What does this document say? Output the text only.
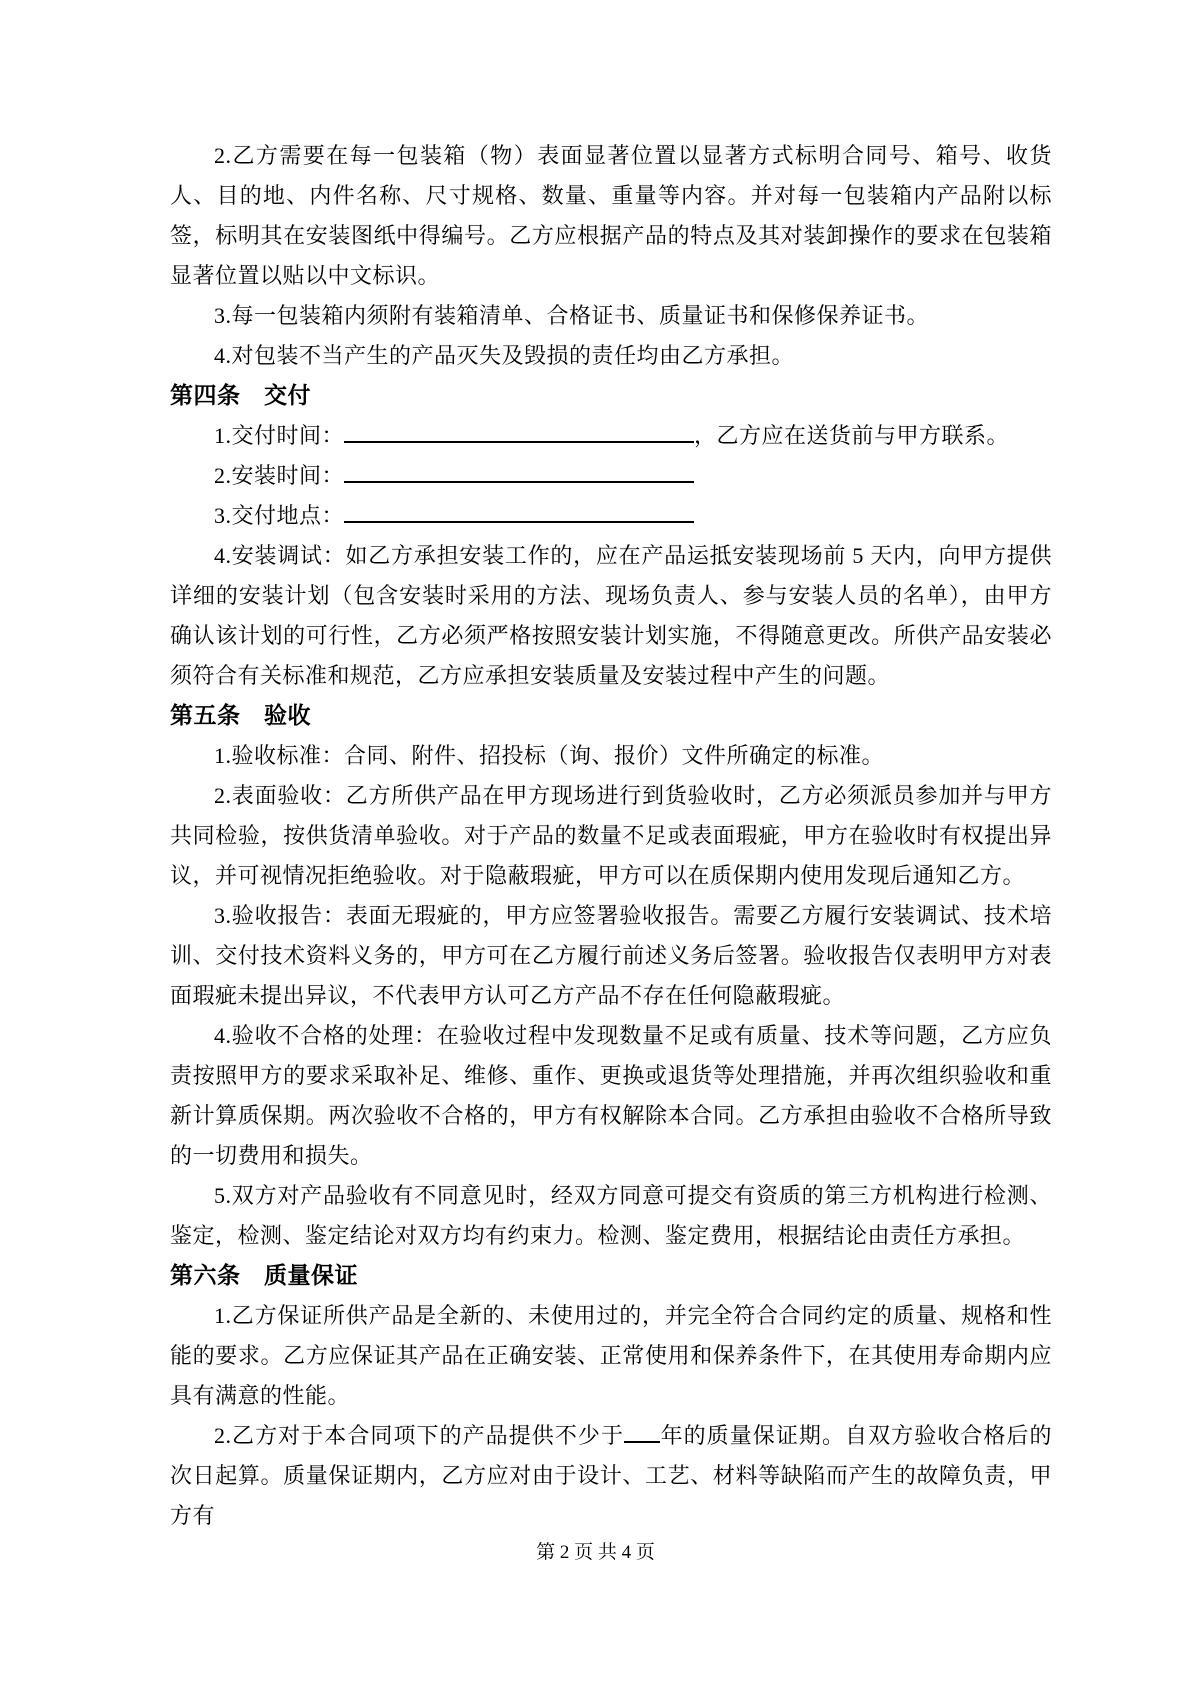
2.乙方需要在每一包装箱（物）表面显著位置以显著方式标明合同号、箱号、收货人、目的地、内件名称、尺寸规格、数量、重量等内容。并对每一包装箱内产品附以标签，标明其在安装图纸中得编号。乙方应根据产品的特点及其对装卸操作的要求在包装箱显著位置以贴以中文标识。

3.每一包装箱内须附有装箱清单、合格证书、质量证书和保修保养证书。

4.对包装不当产生的产品灭失及毁损的责任均由乙方承担。

第四条　交付

1.交付时间：	，乙方应在送货前与甲方联系。

2.安装时间：

3.交付地点：

4.安装调试：如乙方承担安装工作的，应在产品运抵安装现场前 5 天内，向甲方提供详细的安装计划（包含安装时采用的方法、现场负责人、参与安装人员的名单），由甲方确认该计划的可行性，乙方必须严格按照安装计划实施，不得随意更改。所供产品安装必须符合有关标准和规范，乙方应承担安装质量及安装过程中产生的问题。

第五条　验收

1.验收标准：合同、附件、招投标（询、报价）文件所确定的标准。

2.表面验收：乙方所供产品在甲方现场进行到货验收时，乙方必须派员参加并与甲方共同检验，按供货清单验收。对于产品的数量不足或表面瑕疵，甲方在验收时有权提出异议，并可视情况拒绝验收。对于隐蔽瑕疵，甲方可以在质保期内使用发现后通知乙方。

3.验收报告：表面无瑕疵的，甲方应签署验收报告。需要乙方履行安装调试、技术培训、交付技术资料义务的，甲方可在乙方履行前述义务后签署。验收报告仅表明甲方对表面瑕疵未提出异议，不代表甲方认可乙方产品不存在任何隐蔽瑕疵。

4.验收不合格的处理：在验收过程中发现数量不足或有质量、技术等问题，乙方应负责按照甲方的要求采取补足、维修、重作、更换或退货等处理措施，并再次组织验收和重新计算质保期。两次验收不合格的，甲方有权解除本合同。乙方承担由验收不合格所导致的一切费用和损失。

5.双方对产品验收有不同意见时，经双方同意可提交有资质的第三方机构进行检测、鉴定，检测、鉴定结论对双方均有约束力。检测、鉴定费用，根据结论由责任方承担。

第六条　质量保证

1.乙方保证所供产品是全新的、未使用过的，并完全符合合同约定的质量、规格和性能的要求。乙方应保证其产品在正确安装、正常使用和保养条件下，在其使用寿命期内应具有满意的性能。

2.乙方对于本合同项下的产品提供不少于 年的质量保证期。自双方验收合格后的次日起算。质量保证期内，乙方应对由于设计、工艺、材料等缺陷而产生的故障负责，甲方有

第 2 页 共 4 页
